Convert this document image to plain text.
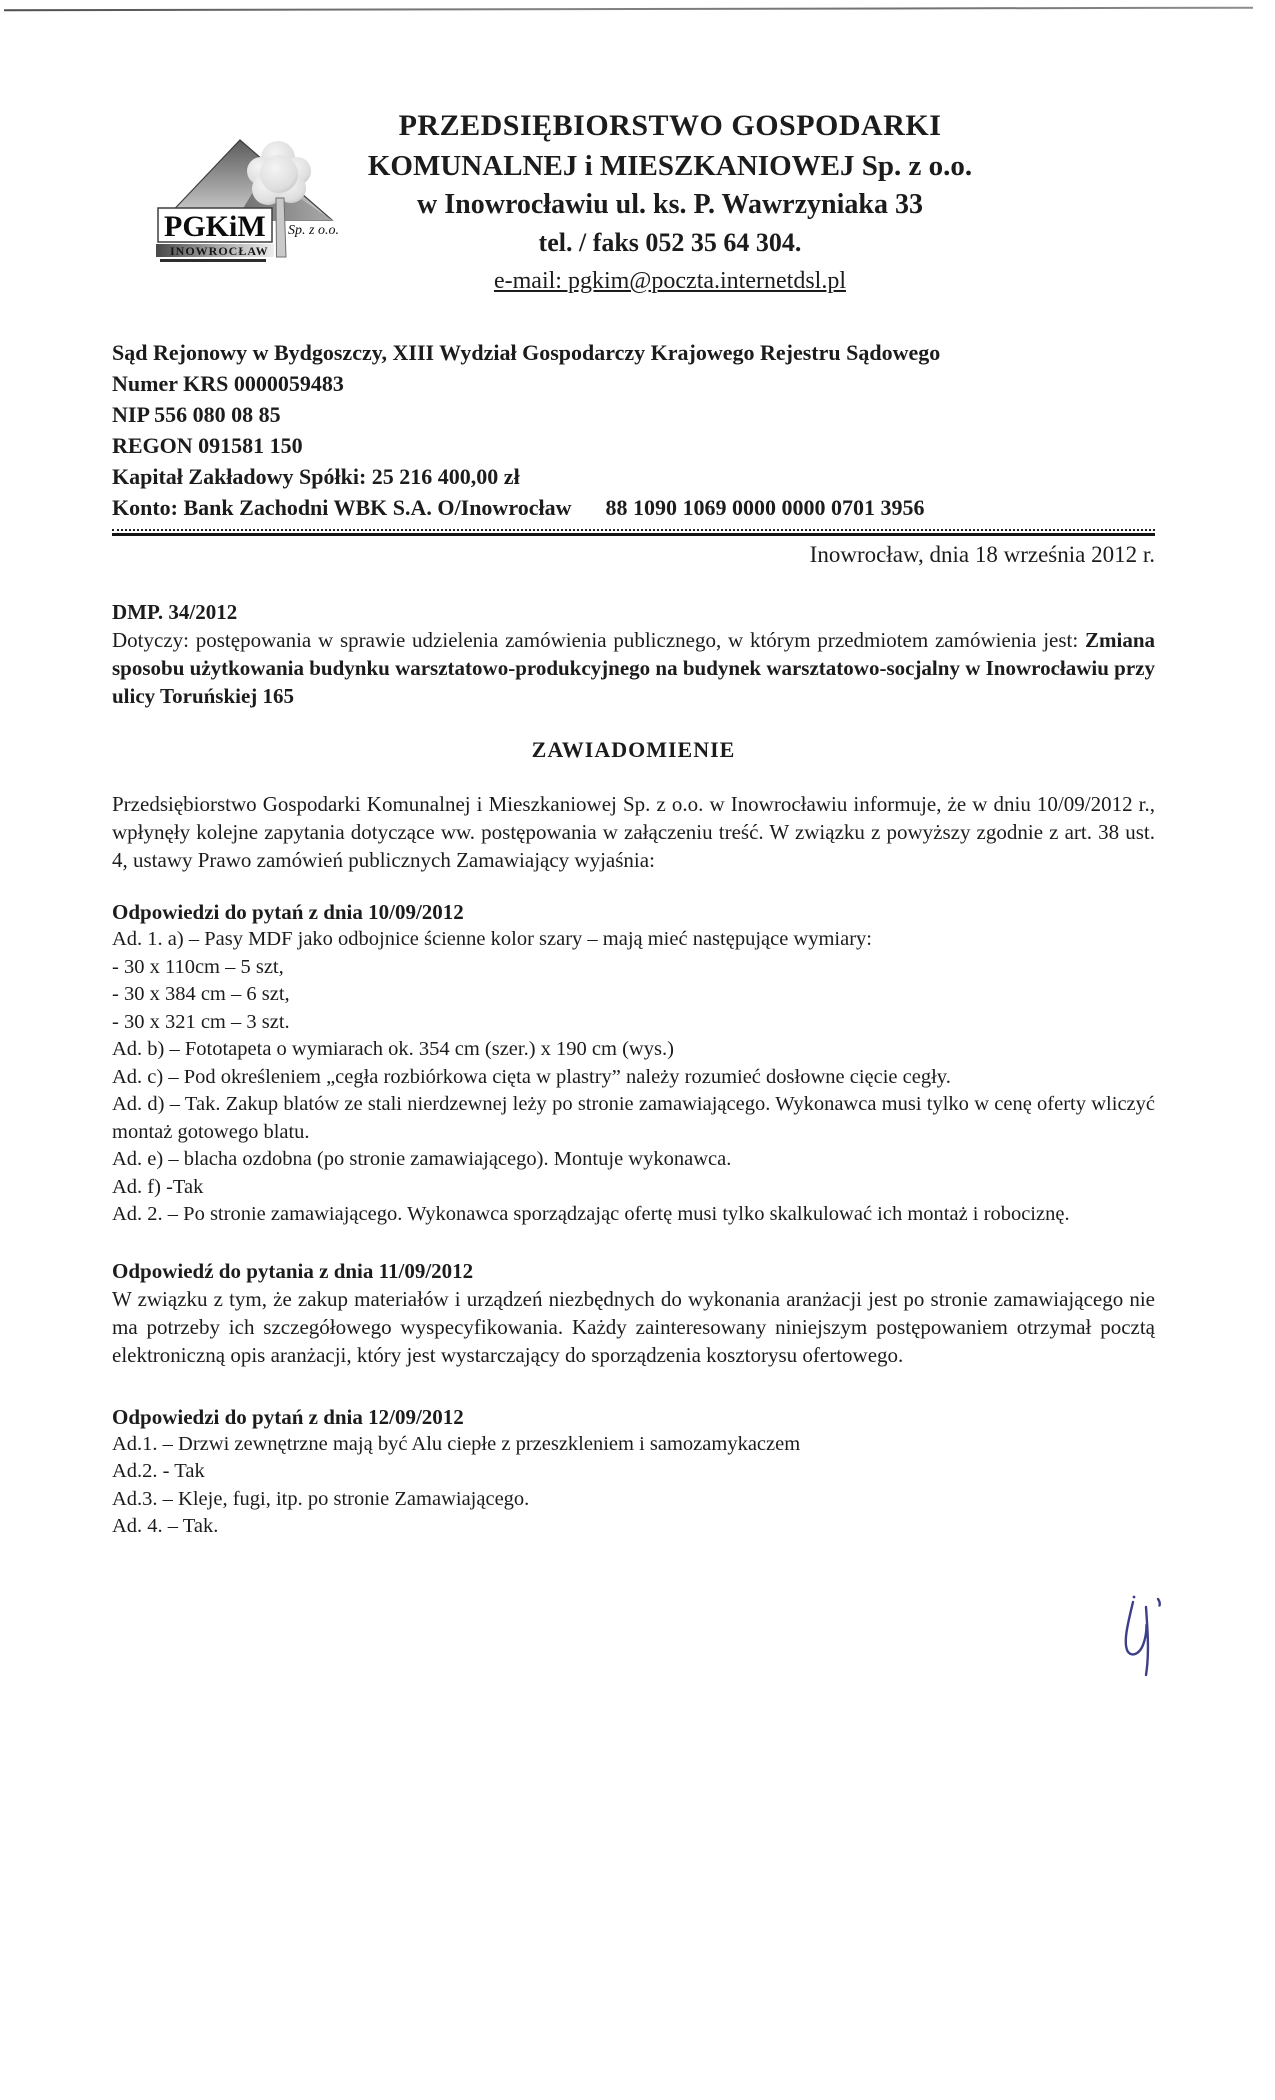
PGKiM
INOWROCŁAW
Sp. z o.o.
PRZEDSIĘBIORSTWO GOSPODARKI
KOMUNALNEJ i MIESZKANIOWEJ Sp. z o.o.
w Inowrocławiu ul. ks. P. Wawrzyniaka 33
tel. / faks 052 35 64 304.
e-mail: pgkim@poczta.internetdsl.pl
Sąd Rejonowy w Bydgoszczy, XIII Wydział Gospodarczy Krajowego Rejestru Sądowego
Numer KRS 0000059483
NIP 556 080 08 85
REGON 091581 150
Kapitał Zakładowy Spółki: 25 216 400,00 zł
Konto: Bank Zachodni WBK S.A. O/Inowrocław 88 1090 1069 0000 0000 0701 3956
Inowrocław, dnia 18 września 2012 r.
DMP. 34/2012

Dotyczy: postępowania w sprawie udzielenia zamówienia publicznego, w którym przedmiotem zamówienia jest: Zmiana sposobu użytkowania budynku warsztatowo-produkcyjnego na budynek warsztatowo-socjalny w Inowrocławiu przy ulicy Toruńskiej 165

ZAWIADOMIENIE

Przedsiębiorstwo Gospodarki Komunalnej i Mieszkaniowej Sp. z o.o. w Inowrocławiu informuje, że w dniu 10/09/2012 r., wpłynęły kolejne zapytania dotyczące ww. postępowania w załączeniu treść. W związku z powyższy zgodnie z art. 38 ust. 4, ustawy Prawo zamówień publicznych Zamawiający wyjaśnia:

Odpowiedzi do pytań z dnia 10/09/2012

Ad. 1. a) – Pasy MDF jako odbojnice ścienne kolor szary – mają mieć następujące wymiary:

- 30 x 110cm – 5 szt,

- 30 x 384 cm – 6 szt,

- 30 x 321 cm – 3 szt.

Ad. b) – Fototapeta o wymiarach ok. 354 cm (szer.) x 190 cm (wys.)

Ad. c) – Pod określeniem „cegła rozbiórkowa cięta w plastry” należy rozumieć dosłowne cięcie cegły.

Ad. d) – Tak. Zakup blatów ze stali nierdzewnej leży po stronie zamawiającego. Wykonawca musi tylko w cenę oferty wliczyć montaż gotowego blatu.

Ad. e) – blacha ozdobna (po stronie zamawiającego). Montuje wykonawca.

Ad. f) -Tak

Ad. 2. – Po stronie zamawiającego. Wykonawca sporządzając ofertę musi tylko skalkulować ich montaż i robociznę.

Odpowiedź do pytania z dnia 11/09/2012

W związku z tym, że zakup materiałów i urządzeń niezbędnych do wykonania aranżacji jest po stronie zamawiającego nie ma potrzeby ich szczegółowego wyspecyfikowania. Każdy zainteresowany niniejszym postępowaniem otrzymał pocztą elektroniczną opis aranżacji, który jest wystarczający do sporządzenia kosztorysu ofertowego.

Odpowiedzi do pytań z dnia 12/09/2012

Ad.1. – Drzwi zewnętrzne mają być Alu ciepłe z przeszkleniem i samozamykaczem

Ad.2. - Tak

Ad.3. – Kleje, fugi, itp. po stronie Zamawiającego.

Ad. 4. – Tak.
